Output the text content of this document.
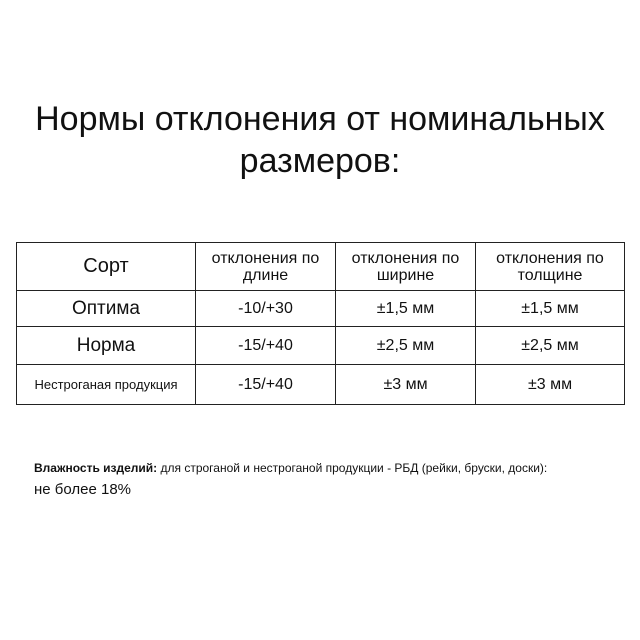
Нормы отклонения от номинальных
размеров:
Сорт	отклонения по длине	отклонения по ширине	отклонения по толщине
Оптима	-10/+30	±1,5 мм	±1,5 мм
Норма	-15/+40	±2,5 мм	±2,5 мм
Нестроганая продукция	-15/+40	±3 мм	±3 мм
Влажность изделий: для строганой и нестроганой продукции - РБД (рейки, бруски, доски):
не более 18%
